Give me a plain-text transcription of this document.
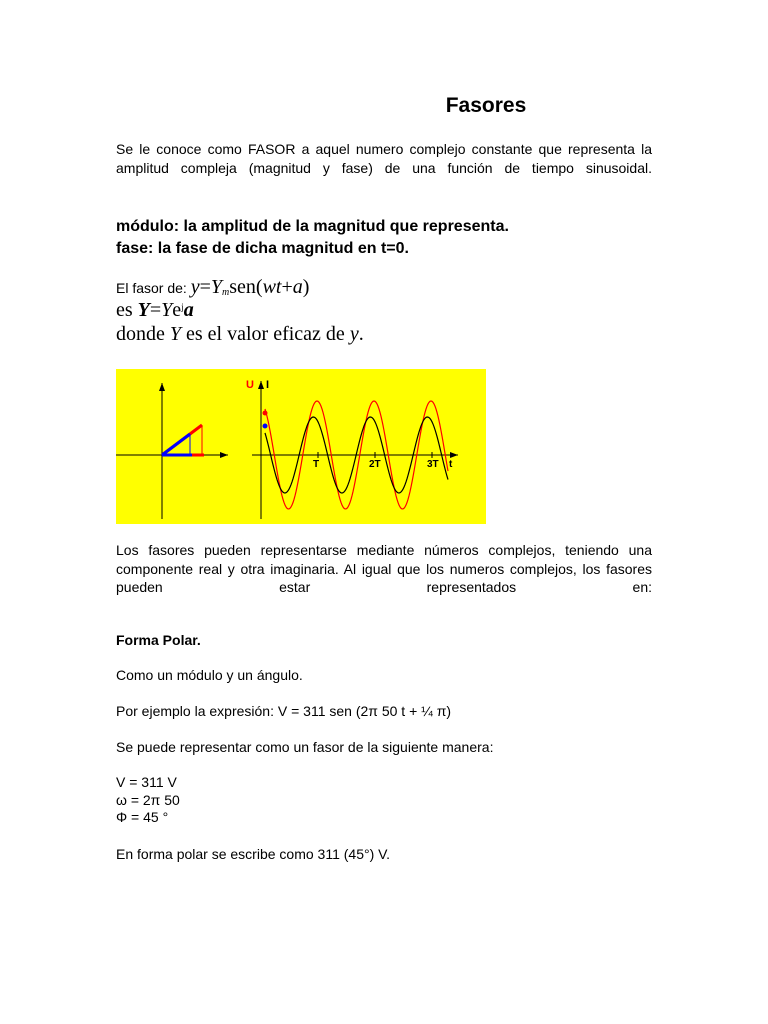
Fasores
Se le conoce como FASOR a aquel numero complejo constante que representa la amplitud compleja (magnitud y fase) de una función de tiempo sinusoidal.
módulo: la amplitud de la magnitud que representa.
fase: la fase de dicha magnitud en t=0.
El fasor de: $y=Y_msen(wt+a)$
es $Y=Ye^ja$
donde Y es el valor eficaz de y.
U I
T	2T	3T t
Los fasores pueden representarse mediante números complejos, teniendo una componente real y otra imaginaria. Al igual que los numeros complejos, los fasores pueden estar representados en:
Forma Polar.
Como un módulo y un ángulo.
Por ejemplo la expresión: V = 311 sen (2π 50 t + ¼ π)
Se puede representar como un fasor de la siguiente manera:
V = 311 V
ω = 2π 50
Φ = 45 °
En forma polar se escribe como 311 (45°) V.
